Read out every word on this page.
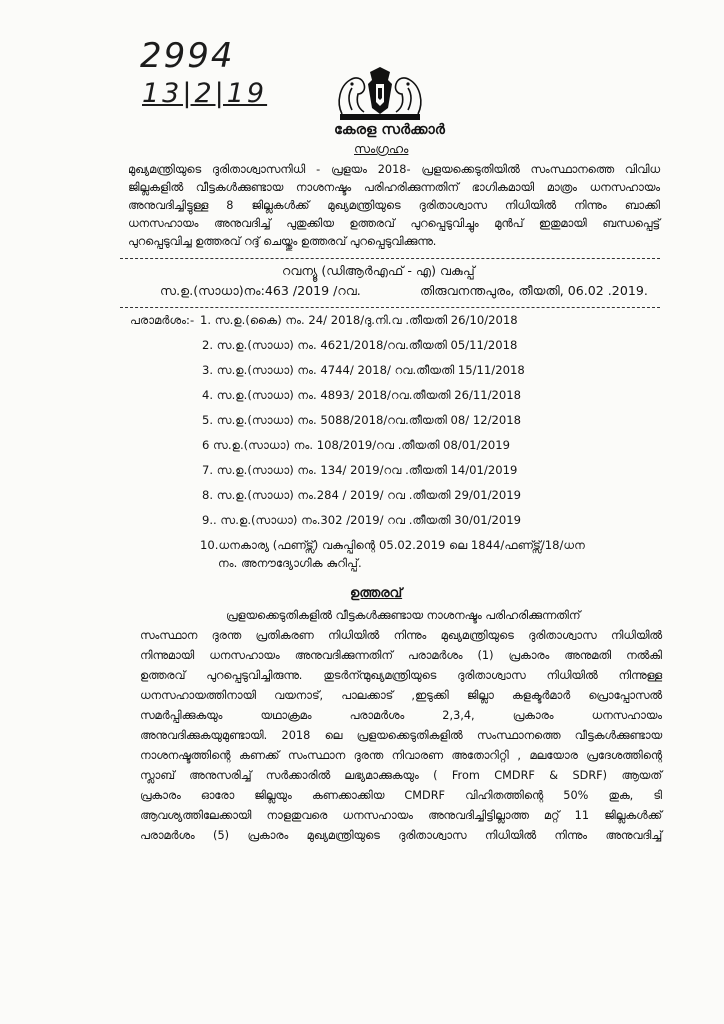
2994
13|2|19
കേരള സർക്കാർ
സംഗ്രഹം
മുഖ്യമന്ത്രിയുടെ ദുരിതാശ്വാസനിധി - പ്രളയം 2018- പ്രളയക്കെടുതിയിൽ സംസ്ഥാനത്തെ വിവിധ
ജില്ലകളിൽ വീട്ടകൾക്കുണ്ടായ നാശനഷ്ടം പരിഹരിക്കുന്നതിന് ഭാഗികമായി മാത്രം ധനസഹായം
അനുവദിച്ചിട്ടുള്ള 8 ജില്ലകൾക്ക് മുഖ്യമന്ത്രിയുടെ ദുരിതാശ്വാസ നിധിയിൽ നിന്നും ബാക്കി
ധനസഹായം അനുവദിച്ച് പുതുക്കിയ ഉത്തരവ് പുറപ്പെടുവിച്ചും മുൻപ് ഇതുമായി ബന്ധപ്പെട്ട്
പുറപ്പെടുവിച്ച ഉത്തരവ് റദ്ദ് ചെയ്തും ഉത്തരവ് പുറപ്പെടുവിക്കുന്നു.
റവന്യൂ (ഡിആർഎഫ് - എ) വകുപ്പ്
സ.ഉ.(സാധാ)നം:463 /2019 /റവ.	തിരുവനന്തപുരം, തീയതി, 06.02 .2019.
പരാമർശം:- 1. സ.ഉ.(കൈ) നം. 24/ 2018/ദു.നി.വ .തീയതി 26/10/2018
2. സ.ഉ.(സാധാ) നം. 4621/2018/റവ.തീയതി 05/11/2018
3. സ.ഉ.(സാധാ) നം. 4744/ 2018/ റവ.തീയതി 15/11/2018
4. സ.ഉ.(സാധാ) നം. 4893/ 2018/റവ.തീയതി 26/11/2018
5. സ.ഉ.(സാധാ) നം. 5088/2018/റവ.തീയതി 08/ 12/2018
6 സ.ഉ.(സാധാ) നം. 108/2019/റവ .തീയതി 08/01/2019
7. സ.ഉ.(സാധാ) നം. 134/ 2019/റവ .തീയതി 14/01/2019
8. സ.ഉ.(സാധാ) നം.284 / 2019/ റവ .തീയതി 29/01/2019
9.. സ.ഉ.(സാധാ) നം.302 /2019/ റവ .തീയതി 30/01/2019
10.ധനകാര്യ (ഫണ്ട്സ്) വകുപ്പിന്റെ 05.02.2019 ലെ 1844/ഫണ്ട്സ്/18/ധന
നം. അനൗദ്യോഗിക കുറിപ്പ്.
ഉത്തരവ്
പ്രളയക്കെടുതികളിൽ വീട്ടകൾക്കുണ്ടായ നാശനഷ്ടം പരിഹരിക്കുന്നതിന്
സംസ്ഥാന ദുരന്ത പ്രതികരണ നിധിയിൽ നിന്നും മുഖ്യമന്ത്രിയുടെ ദുരിതാശ്വാസ നിധിയിൽ
നിന്നുമായി ധനസഹായം അനുവദിക്കുന്നതിന് പരാമർശം (1) പ്രകാരം അനുമതി നൽകി
ഉത്തരവ് പുറപ്പെടുവിച്ചിരുന്നു. തുടർന്ന്മുഖ്യമന്ത്രിയുടെ ദുരിതാശ്വാസ നിധിയിൽ നിന്നുള്ള
ധനസഹായത്തിനായി വയനാട്, പാലക്കാട് ,ഇടുക്കി ജില്ലാ കളക്ടർമാർ പ്രൊപ്പോസൽ
സമർപ്പിക്കുകയും യഥാക്രമം പരാമർശം 2,3,4, പ്രകാരം ധനസഹായം
അനുവദിക്കുകയുമുണ്ടായി. 2018 ലെ പ്രളയക്കെടുതികളിൽ സംസ്ഥാനത്തെ വീട്ടകൾക്കുണ്ടായ
നാശനഷ്ടത്തിന്റെ കണക്ക് സംസ്ഥാന ദുരന്ത നിവാരണ അതോറിറ്റി , മലയോര പ്രദേശത്തിന്റെ
സ്ലാബ് അനുസരിച്ച് സർക്കാരിൽ ലഭ്യമാക്കുകയും ( From CMDRF & SDRF) ആയത്
പ്രകാരം ഓരോ ജില്ലയും കണക്കാക്കിയ CMDRF വിഹിതത്തിന്റെ 50% തുക, ടി
ആവശ്യത്തിലേക്കായി നാളതുവരെ ധനസഹായം അനുവദിച്ചിട്ടില്ലാത്ത മറ്റ് 11 ജില്ലകൾക്ക്
പരാമർശം (5) പ്രകാരം മുഖ്യമന്ത്രിയുടെ ദുരിതാശ്വാസ നിധിയിൽ നിന്നും അനുവദിച്ച്
